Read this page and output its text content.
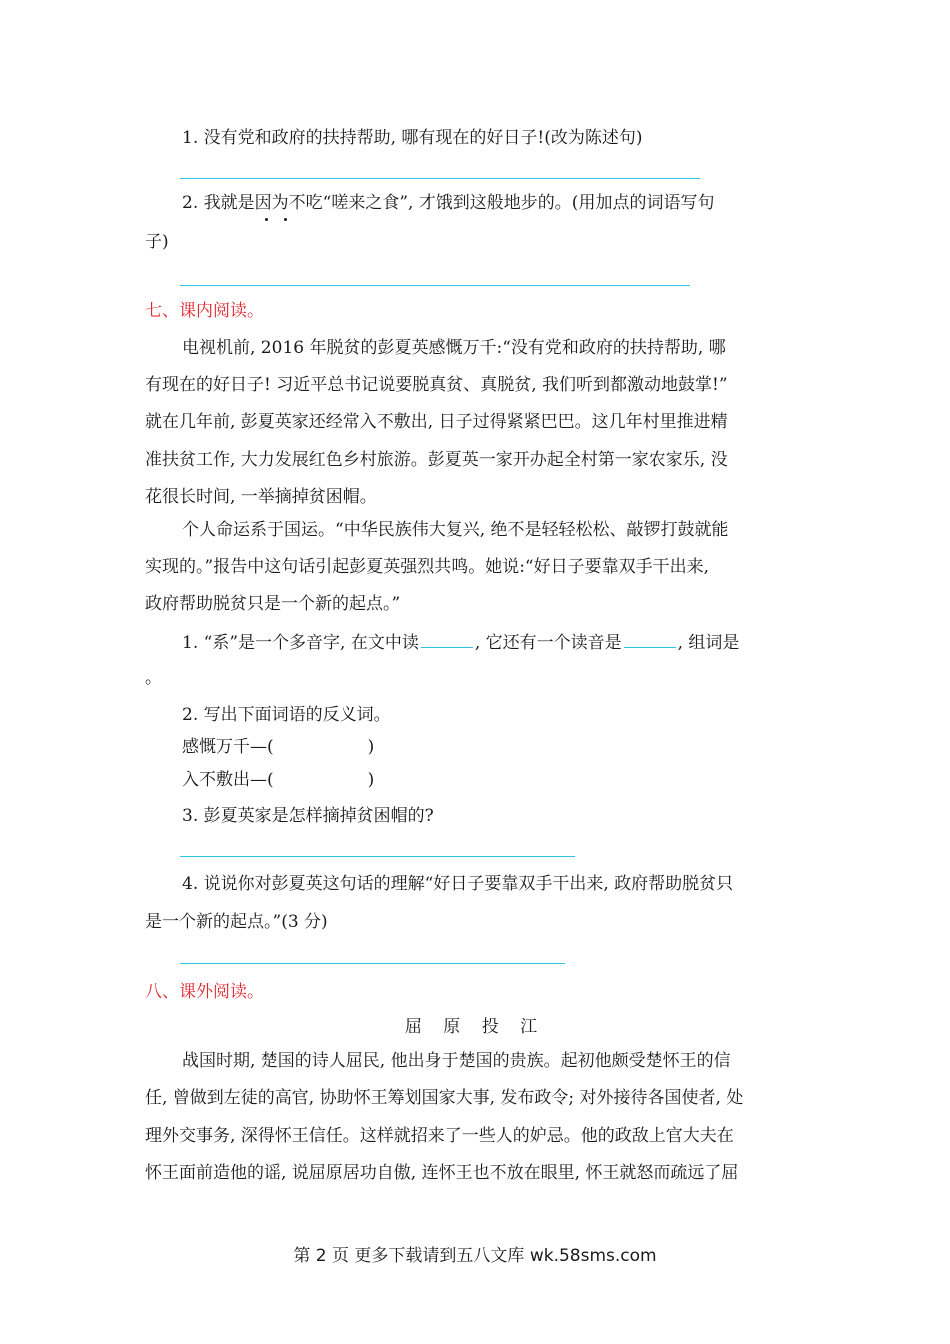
1. 没有党和政府的扶持帮助, 哪有现在的好日子!(改为陈述句)
2. 我就是因为不吃“嗟来之食”, 才饿到这般地步的。(用加点的词语写句
子)
七、课内阅读。
电视机前, 2016 年脱贫的彭夏英感慨万千:“没有党和政府的扶持帮助, 哪
有现在的好日子! 习近平总书记说要脱真贫、真脱贫, 我们听到都激动地鼓掌!”
就在几年前, 彭夏英家还经常入不敷出, 日子过得紧紧巴巴。这几年村里推进精
准扶贫工作, 大力发展红色乡村旅游。彭夏英一家开办起全村第一家农家乐, 没
花很长时间, 一举摘掉贫困帽。
个人命运系于国运。“中华民族伟大复兴, 绝不是轻轻松松、敲锣打鼓就能
实现的。”报告中这句话引起彭夏英强烈共鸣。她说:“好日子要靠双手干出来,
政府帮助脱贫只是一个新的起点。”
1. “系”是一个多音字, 在文中读	, 它还有一个读音是	, 组词是
。
2. 写出下面词语的反义词。
感慨万千—(	)
入不敷出—(	)
3. 彭夏英家是怎样摘掉贫困帽的?
4. 说说你对彭夏英这句话的理解“好日子要靠双手干出来, 政府帮助脱贫只
是一个新的起点。”(3 分)
八、课外阅读。
屈 原 投 江
战国时期, 楚国的诗人屈民, 他出身于楚国的贵族。起初他颇受楚怀王的信
任, 曾做到左徒的高官, 协助怀王筹划国家大事, 发布政令; 对外接待各国使者, 处
理外交事务, 深得怀王信任。这样就招来了一些人的妒忌。他的政敌上官大夫在
怀王面前造他的谣, 说屈原居功自傲, 连怀王也不放在眼里, 怀王就怒而疏远了屈
第 2 页 更多下载请到五八文库 wk.58sms.com
